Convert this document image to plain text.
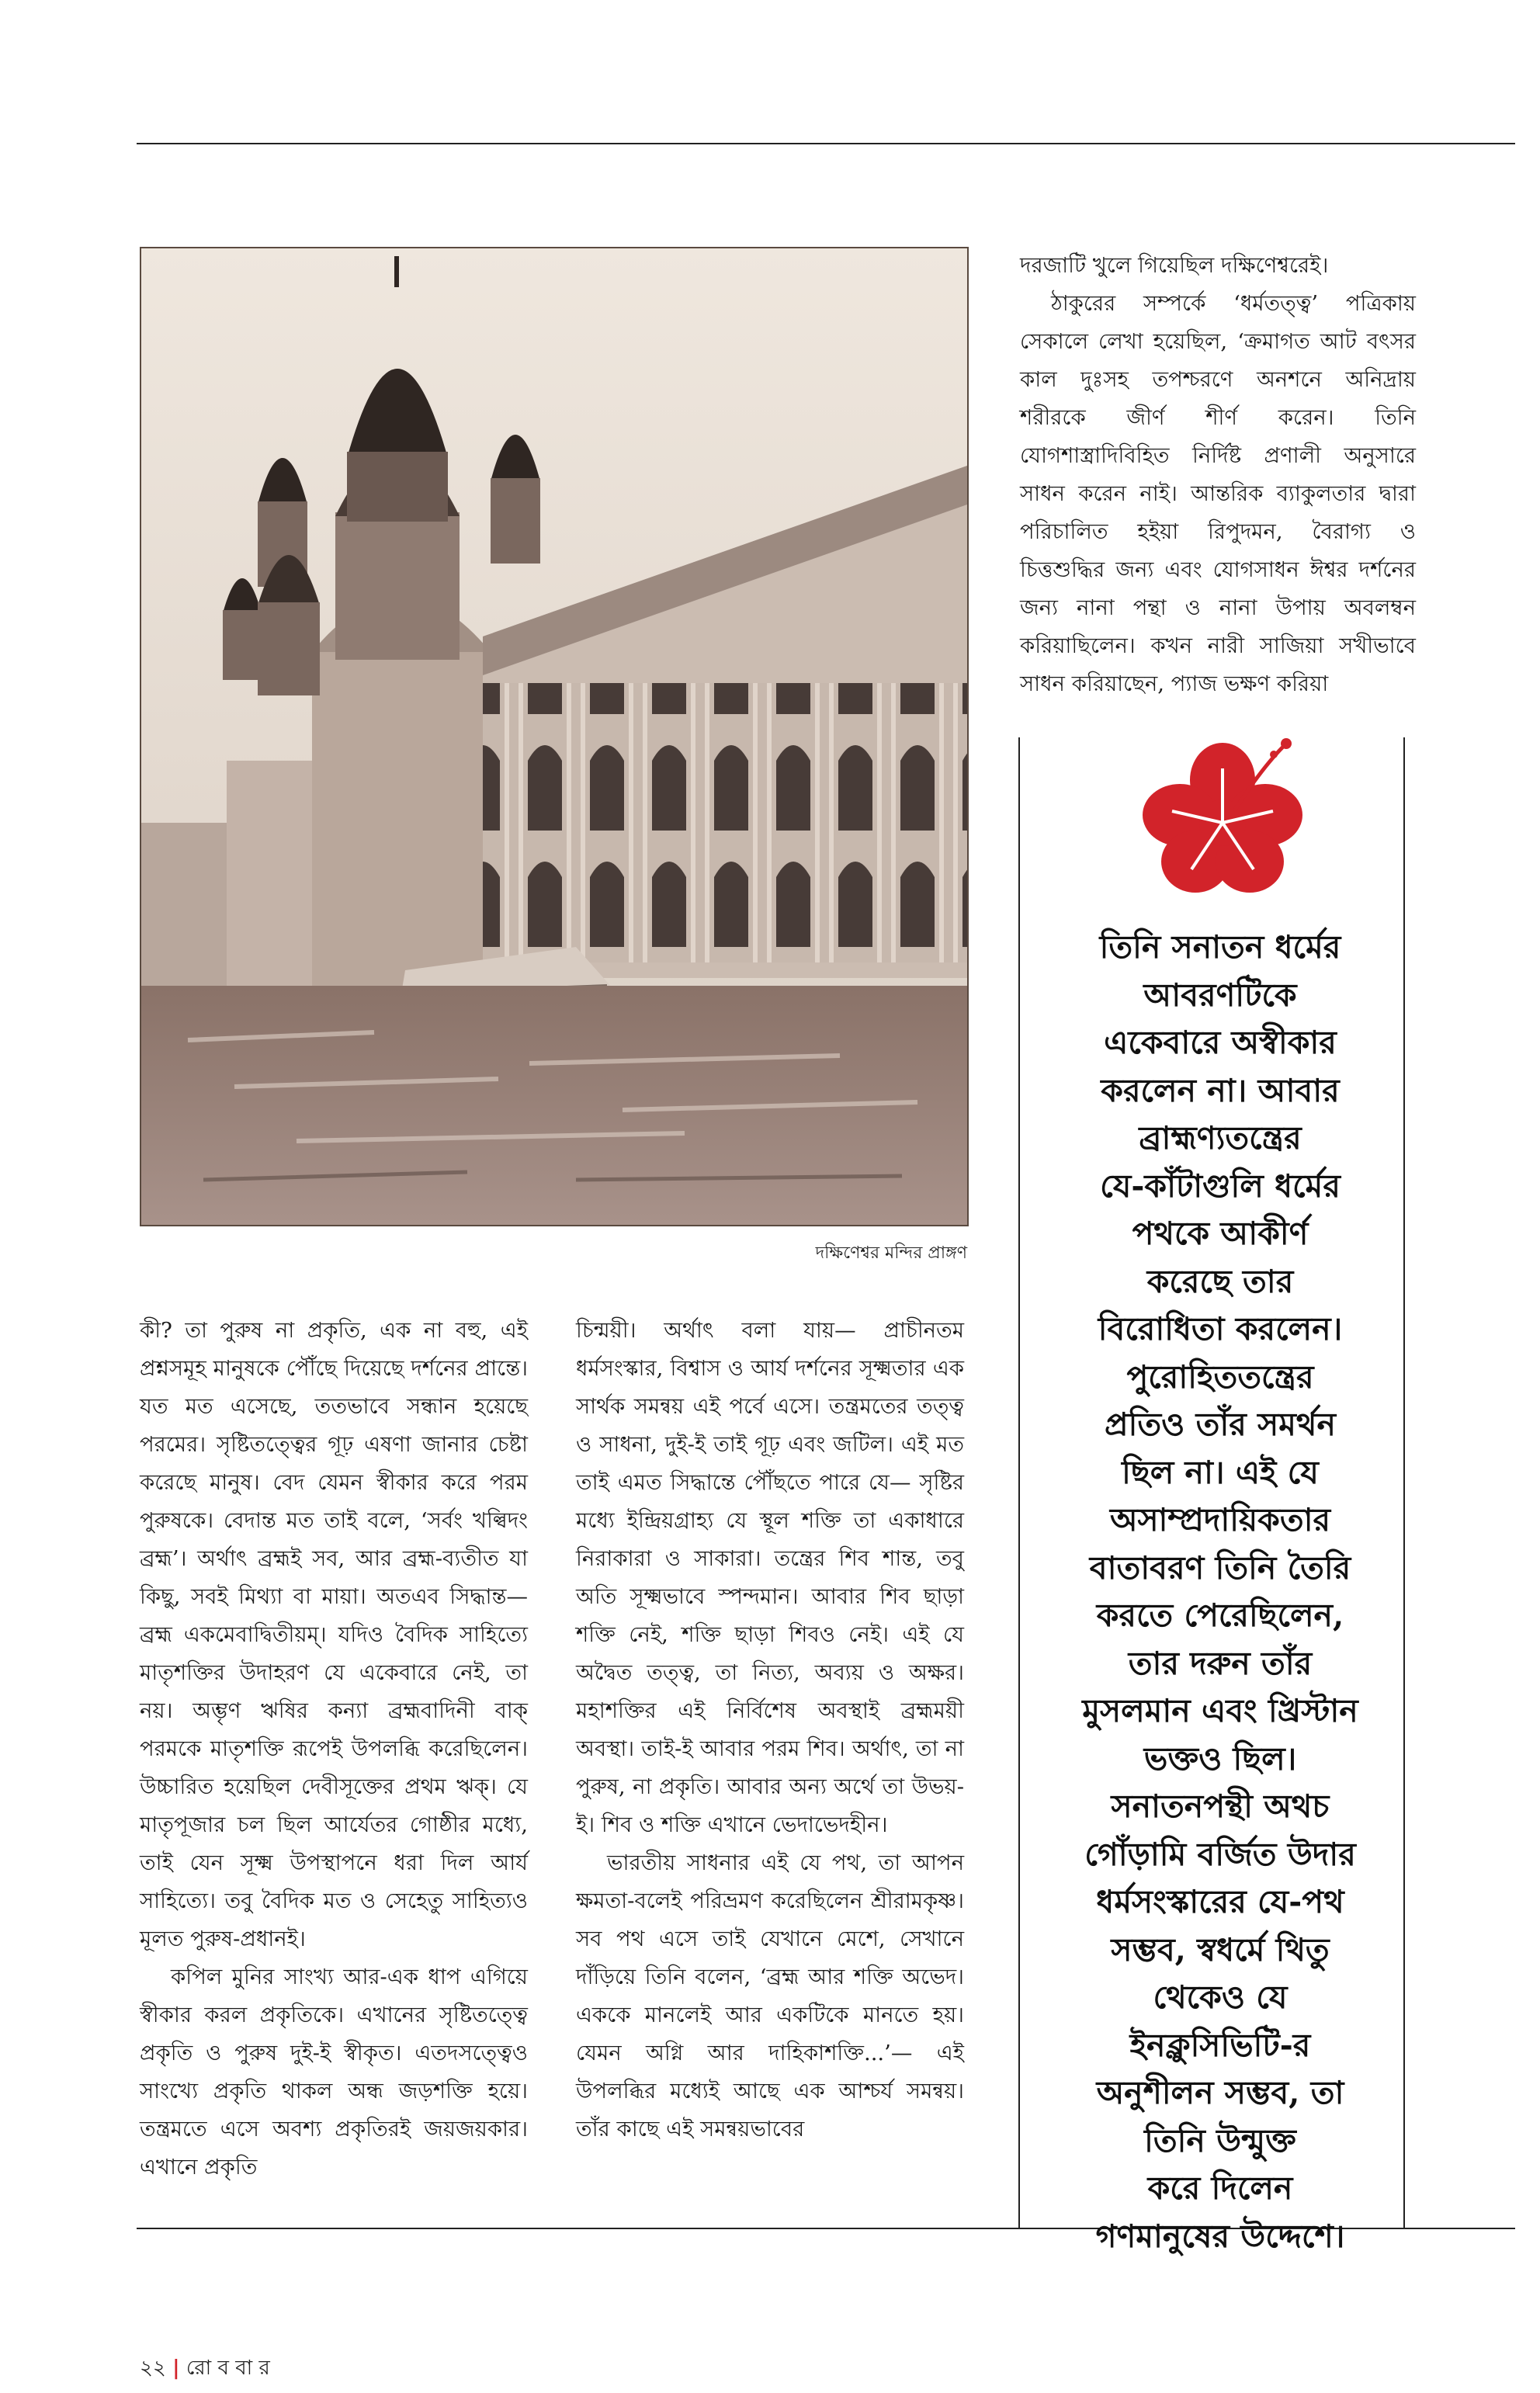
দক্ষিণেশ্বর মন্দির প্রাঙ্গণ

দরজাটি খুলে গিয়েছিল দক্ষিণেশ্বরেই।

ঠাকুরের সম্পর্কে ‘ধর্মতত্ত্ব’ পত্রিকায় সেকালে লেখা হয়েছিল, ‘ক্রমাগত আট বৎসর কাল দুঃসহ তপশ্চরণে অনশনে অনিদ্রায় শরীরকে জীর্ণ শীর্ণ করেন। তিনি যোগশাস্ত্রাদিবিহিত নির্দিষ্ট প্রণালী অনুসারে সাধন করেন নাই। আন্তরিক ব্যাকুলতার দ্বারা পরিচালিত হইয়া রিপুদমন, বৈরাগ্য ও চিত্তশুদ্ধির জন্য এবং যোগসাধন ঈশ্বর দর্শনের জন্য নানা পন্থা ও নানা উপায় অবলম্বন করিয়াছিলেন। কখন নারী সাজিয়া সখীভাবে সাধন করিয়াছেন, প্যাজ ভক্ষণ করিয়া

তিনি সনাতন ধর্মের

আবরণটিকে

একেবারে অস্বীকার

করলেন না। আবার

ব্রাহ্মণ্যতন্ত্রের

যে-কাঁটাগুলি ধর্মের

পথকে আকীর্ণ

করেছে তার

বিরোধিতা করলেন।

পুরোহিততন্ত্রের

প্রতিও তাঁর সমর্থন

ছিল না। এই যে

অসাম্প্রদায়িকতার

বাতাবরণ তিনি তৈরি

করতে পেরেছিলেন,

তার দরুন তাঁর

মুসলমান এবং খ্রিস্টান

ভক্তও ছিল।

সনাতনপন্থী অথচ

গোঁড়ামি বর্জিত উদার

ধর্মসংস্কারের যে-পথ

সম্ভব, স্বধর্মে থিতু

থেকেও যে

ইনক্লুসিভিটি-র

অনুশীলন সম্ভব, তা

তিনি উন্মুক্ত

করে দিলেন

গণমানুষের উদ্দেশে।

কী? তা পুরুষ না প্রকৃতি, এক না বহু, এই প্রশ্নসমূহ মানুষকে পৌঁছে দিয়েছে দর্শনের প্রান্তে। যত মত এসেছে, ততভাবে সন্ধান হয়েছে পরমের। সৃষ্টিতত্ত্বের গূঢ় এষণা জানার চেষ্টা করেছে মানুষ। বেদ যেমন স্বীকার করে পরম পুরুষকে। বেদান্ত মত তাই বলে, ‘সর্বং খল্বিদং ব্রহ্ম’। অর্থাৎ ব্রহ্মই সব, আর ব্রহ্ম-ব্যতীত যা কিছু, সবই মিথ্যা বা মায়া। অতএব সিদ্ধান্ত— ব্রহ্ম একমেবাদ্বিতীয়ম্। যদিও বৈদিক সাহিত্যে মাতৃশক্তির উদাহরণ যে একেবারে নেই, তা নয়। অম্ভৃণ ঋষির কন্যা ব্রহ্মবাদিনী বাক্ পরমকে মাতৃশক্তি রূপেই উপলব্ধি করেছিলেন। উচ্চারিত হয়েছিল দেবীসূক্তের প্রথম ঋক্। যে মাতৃপূজার চল ছিল আর্যেতর গোষ্ঠীর মধ্যে, তাই যেন সূক্ষ্ম উপস্থাপনে ধরা দিল আর্য সাহিত্যে। তবু বৈদিক মত ও সেহেতু সাহিত্যও মূলত পুরুষ-প্রধানই।

কপিল মুনির সাংখ্য আর-এক ধাপ এগিয়ে স্বীকার করল প্রকৃতিকে। এখানের সৃষ্টিতত্ত্বে প্রকৃতি ও পুরুষ দুই-ই স্বীকৃত। এতদসত্ত্বেও সাংখ্যে প্রকৃতি থাকল অন্ধ জড়শক্তি হয়ে। তন্ত্রমতে এসে অবশ্য প্রকৃতিরই জয়জয়কার। এখানে প্রকৃতি

চিন্ময়ী। অর্থাৎ বলা যায়— প্রাচীনতম ধর্মসংস্কার, বিশ্বাস ও আর্য দর্শনের সূক্ষ্মতার এক সার্থক সমন্বয় এই পর্বে এসে। তন্ত্রমতের তত্ত্ব ও সাধনা, দুই-ই তাই গূঢ় এবং জটিল। এই মত তাই এমত সিদ্ধান্তে পৌঁছতে পারে যে— সৃষ্টির মধ্যে ইন্দ্রিয়গ্রাহ্য যে স্থূল শক্তি তা একাধারে নিরাকারা ও সাকারা। তন্ত্রের শিব শান্ত, তবু অতি সূক্ষ্মভাবে স্পন্দমান। আবার শিব ছাড়া শক্তি নেই, শক্তি ছাড়া শিবও নেই। এই যে অদ্বৈত তত্ত্ব, তা নিত্য, অব্যয় ও অক্ষর। মহাশক্তির এই নির্বিশেষ অবস্থাই ব্রহ্মময়ী অবস্থা। তাই-ই আবার পরম শিব। অর্থাৎ, তা না পুরুষ, না প্রকৃতি। আবার অন্য অর্থে তা উভয়-ই। শিব ও শক্তি এখানে ভেদাভেদহীন।

ভারতীয় সাধনার এই যে পথ, তা আপন ক্ষমতা-বলেই পরিভ্রমণ করেছিলেন শ্রীরামকৃষ্ণ। সব পথ এসে তাই যেখানে মেশে, সেখানে দাঁড়িয়ে তিনি বলেন, ‘ব্রহ্ম আর শক্তি অভেদ। এককে মানলেই আর একটিকে মানতে হয়। যেমন অগ্নি আর দাহিকাশক্তি...’— এই উপলব্ধির মধ্যেই আছে এক আশ্চর্য সমন্বয়। তাঁর কাছে এই সমন্বয়ভাবের

২২ | রো ব বা র
